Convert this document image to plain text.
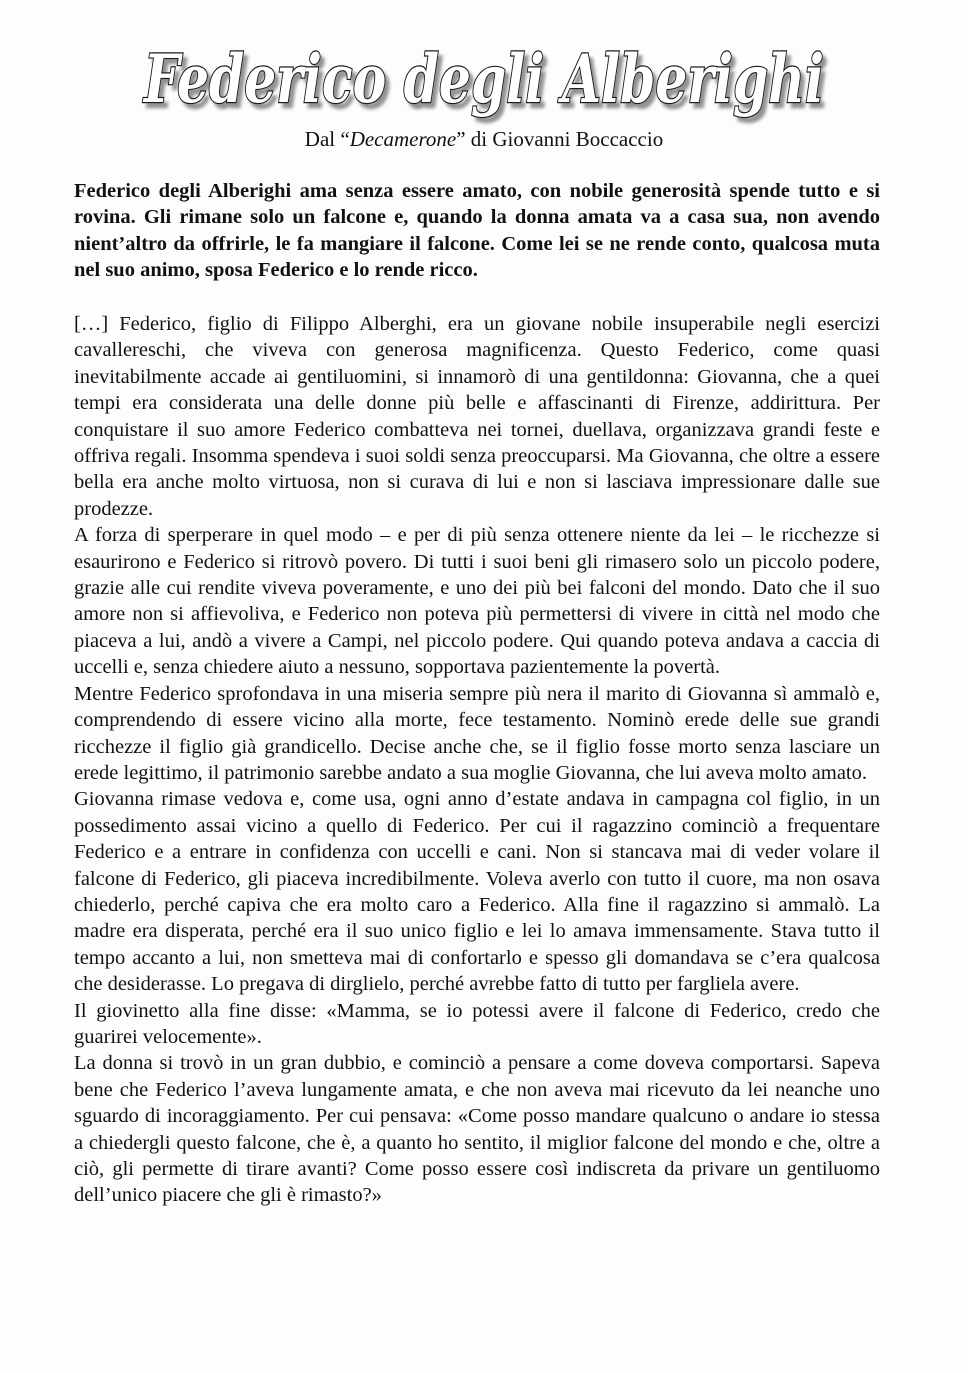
Federico degli Alberighi
Dal “Decamerone” di Giovanni Boccaccio

Federico degli Alberighi ama senza essere amato, con nobile generosità spende tutto e si rovina. Gli rimane solo un falcone e, quando la donna amata va a casa sua, non avendo nient’altro da offrirle, le fa mangiare il falcone. Come lei se ne rende conto, qualcosa muta nel suo animo, sposa Federico e lo rende ricco.

[…] Federico, figlio di Filippo Alberghi, era un giovane nobile insuperabile negli esercizi cavallereschi, che viveva con generosa magnificenza. Questo Federico, come quasi inevitabilmente accade ai gentiluomini, si innamorò di una gentildonna: Giovanna, che a quei tempi era considerata una delle donne più belle e affascinanti di Firenze, addirittura. Per conquistare il suo amore Federico combatteva nei tornei, duellava, organizzava grandi feste e offriva regali. Insomma spendeva i suoi soldi senza preoccuparsi. Ma Giovanna, che oltre a essere bella era anche molto virtuosa, non si curava di lui e non si lasciava impressionare dalle sue prodezze.

A forza di sperperare in quel modo – e per di più senza ottenere niente da lei – le ricchezze si esaurirono e Federico si ritrovò povero. Di tutti i suoi beni gli rimasero solo un piccolo podere, grazie alle cui rendite viveva poveramente, e uno dei più bei falconi del mondo. Dato che il suo amore non si affievoliva, e Federico non poteva più permettersi di vivere in città nel modo che piaceva a lui, andò a vivere a Campi, nel piccolo podere. Qui quando poteva andava a caccia di uccelli e, senza chiedere aiuto a nessuno, sopportava pazientemente la povertà.

Mentre Federico sprofondava in una miseria sempre più nera il marito di Giovanna sì ammalò e, comprendendo di essere vicino alla morte, fece testamento. Nominò erede delle sue grandi ricchezze il figlio già grandicello. Decise anche che, se il figlio fosse morto senza lasciare un erede legittimo, il patrimonio sarebbe andato a sua moglie Giovanna, che lui aveva molto amato.

Giovanna rimase vedova e, come usa, ogni anno d’estate andava in campagna col figlio, in un possedimento assai vicino a quello di Federico. Per cui il ragazzino cominciò a frequentare Federico e a entrare in confidenza con uccelli e cani. Non si stancava mai di veder volare il falcone di Federico, gli piaceva incredibilmente. Voleva averlo con tutto il cuore, ma non osava chiederlo, perché capiva che era molto caro a Federico. Alla fine il ragazzino si ammalò. La madre era disperata, perché era il suo unico figlio e lei lo amava immensamente. Stava tutto il tempo accanto a lui, non smetteva mai di confortarlo e spesso gli domandava se c’era qualcosa che desiderasse. Lo pregava di dirglielo, perché avrebbe fatto di tutto per fargliela avere.

Il giovinetto alla fine disse: «Mamma, se io potessi avere il falcone di Federico, credo che guarirei velocemente».

La donna si trovò in un gran dubbio, e cominciò a pensare a come doveva comportarsi. Sapeva bene che Federico l’aveva lungamente amata, e che non aveva mai ricevuto da lei neanche uno sguardo di incoraggiamento. Per cui pensava: «Come posso mandare qualcuno o andare io stessa a chiedergli questo falcone, che è, a quanto ho sentito, il miglior falcone del mondo e che, oltre a ciò, gli permette di tirare avanti? Come posso essere così indiscreta da privare un gentiluomo dell’unico piacere che gli è rimasto?»
